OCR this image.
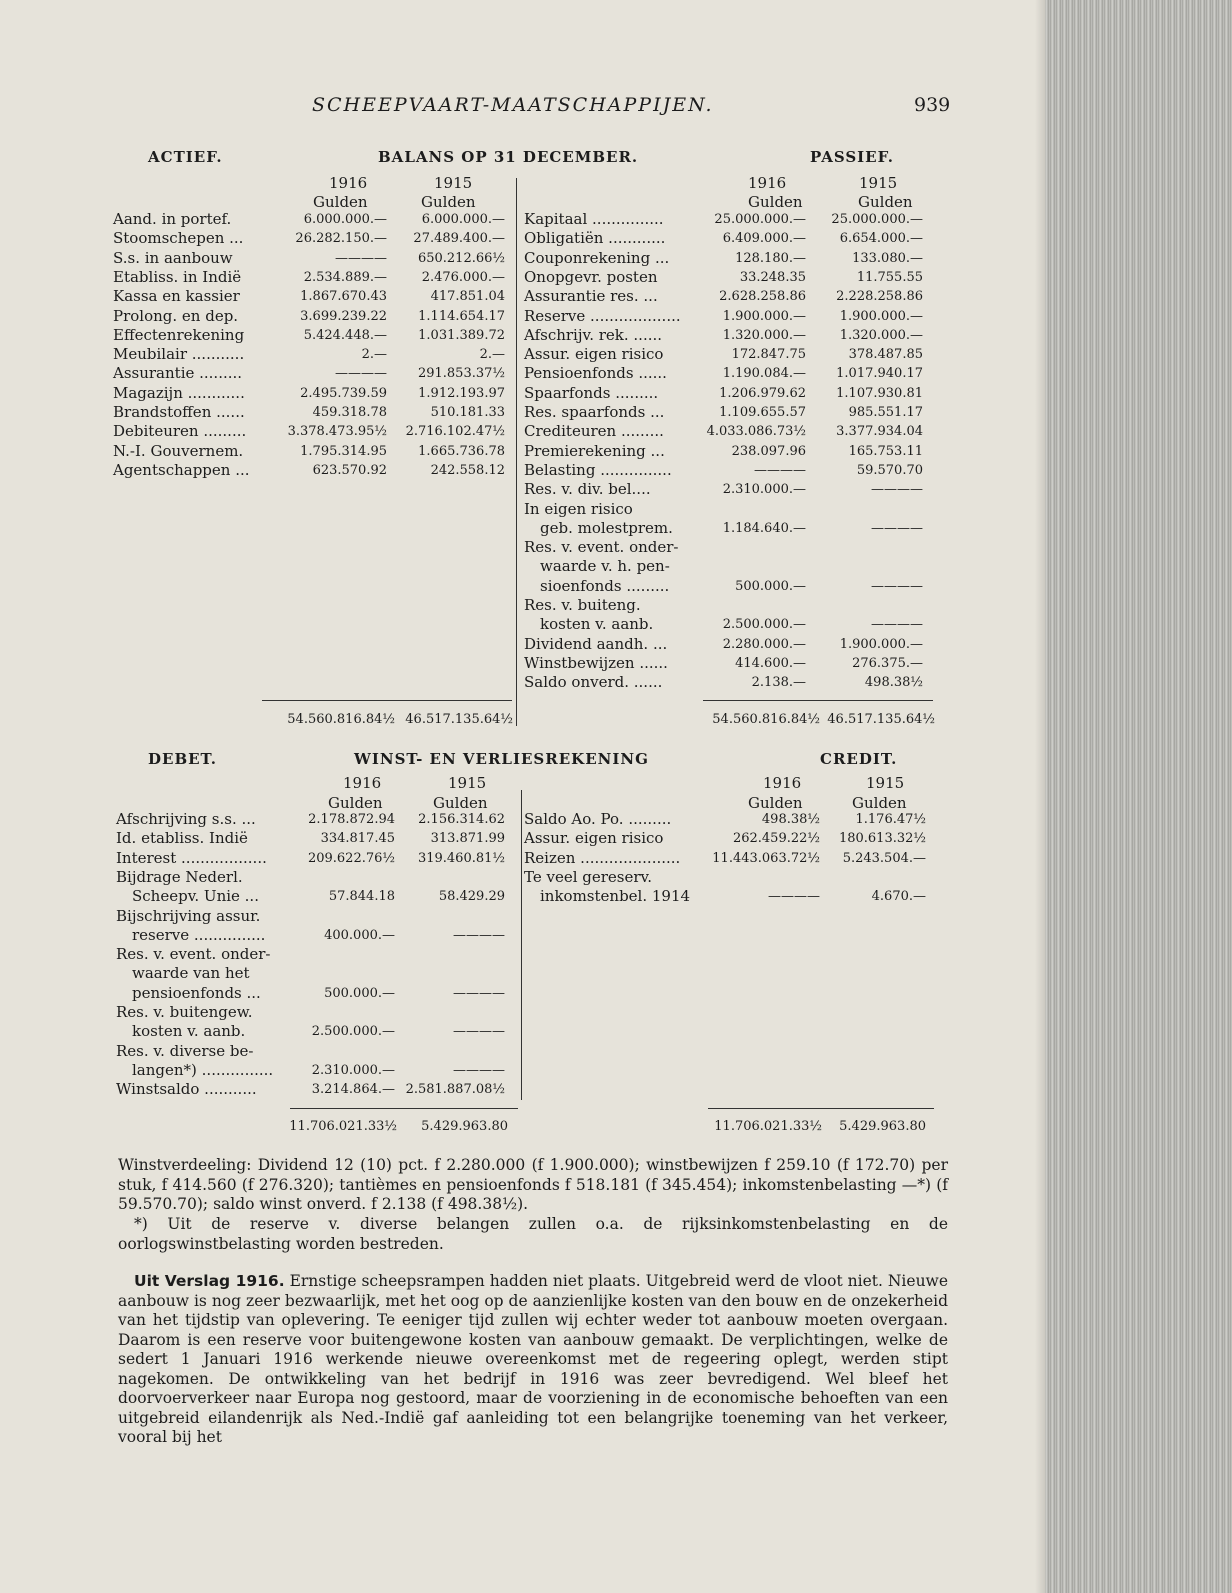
SCHEEPVAART-MAATSCHAPPIJEN.	939
ACTIEF.	BALANS OP 31 DECEMBER.	PASSIEF.
1916	1915	1916	1915
Gulden	Gulden	Gulden	Gulden
Aand. in portef.	6.000.000.—	6.000.000.—
Stoomschepen ...	26.282.150.—	27.489.400.—
S.s. in aanbouw	————	650.212.66½
Etabliss. in Indië	2.534.889.—	2.476.000.—
Kassa en kassier	1.867.670.43	417.851.04
Prolong. en dep.	3.699.239.22	1.114.654.17
Effectenrekening	5.424.448.—	1.031.389.72
Meubilair ...........	2.—	2.—
Assurantie .........	————	291.853.37½
Magazijn ............	2.495.739.59	1.912.193.97
Brandstoffen ......	459.318.78	510.181.33
Debiteuren .........	3.378.473.95½	2.716.102.47½
N.-I. Gouvernem.	1.795.314.95	1.665.736.78
Agentschappen ...	623.570.92	242.558.12
Kapitaal ...............	25.000.000.—	25.000.000.—
Obligatiën ............	6.409.000.—	6.654.000.—
Couponrekening ...	128.180.—	133.080.—
Onopgevr. posten	33.248.35	11.755.55
Assurantie res. ...	2.628.258.86	2.228.258.86
Reserve ...................	1.900.000.—	1.900.000.—
Afschrijv. rek. ......	1.320.000.—	1.320.000.—
Assur. eigen risico	172.847.75	378.487.85
Pensioenfonds ......	1.190.084.—	1.017.940.17
Spaarfonds .........	1.206.979.62	1.107.930.81
Res. spaarfonds ...	1.109.655.57	985.551.17
Crediteuren .........	4.033.086.73½	3.377.934.04
Premierekening ...	238.097.96	165.753.11
Belasting ...............	————	59.570.70
Res. v. div. bel....	2.310.000.—	————
In eigen risico
geb. molestprem.	1.184.640.—	————
Res. v. event. onder-
waarde v. h. pen-
sioenfonds .........	500.000.—	————
Res. v. buiteng.
kosten v. aanb.	2.500.000.—	————
Dividend aandh. ...	2.280.000.—	1.900.000.—
Winstbewijzen ......	414.600.—	276.375.—
Saldo onverd. ......	2.138.—	498.38½
54.560.816.84½ 46.517.135.64½	54.560.816.84½ 46.517.135.64½
DEBET.	WINST- EN VERLIESREKENING	CREDIT.
1916	1915	1916	1915
Gulden	Gulden	Gulden	Gulden
Afschrijving s.s. ...	2.178.872.94	2.156.314.62
Id. etabliss. Indië	334.817.45	313.871.99
Interest ..................	209.622.76½	319.460.81½
Bijdrage Nederl.
Scheepv. Unie ...	57.844.18	58.429.29
Bijschrijving assur.
reserve ...............	400.000.—	————
Res. v. event. onder-
waarde van het
pensioenfonds ...	500.000.—	————
Res. v. buitengew.
kosten v. aanb.	2.500.000.—	————
Res. v. diverse be-
langen*) ...............	2.310.000.—	————
Winstsaldo ...........	3.214.864.— 2.581.887.08½
Saldo Ao. Po. .........	498.38½	1.176.47½
Assur. eigen risico	262.459.22½	180.613.32½
Reizen .....................	11.443.063.72½	5.243.504.—
Te veel gereserv.
inkomstenbel. 1914	————	4.670.—
11.706.021.33½	5.429.963.80	11.706.021.33½	5.429.963.80
Winstverdeeling: Dividend 12 (10) pct. f 2.280.000 (f 1.900.000); winstbewijzen f 259.10 (f 172.70) per stuk, f 414.560 (f 276.320); tantièmes en pensioenfonds f 518.181 (f 345.454); inkomstenbelasting —*) (f 59.570.70); saldo winst onverd. f 2.138 (f 498.38½).
*) Uit de reserve v. diverse belangen zullen o.a. de rijksinkomstenbelasting en de oorlogswinstbelasting worden bestreden.
Uit Verslag 1916. Ernstige scheepsrampen hadden niet plaats. Uitgebreid werd de vloot niet. Nieuwe aanbouw is nog zeer bezwaarlijk, met het oog op de aanzienlijke kosten van den bouw en de onzekerheid van het tijdstip van oplevering. Te eeniger tijd zullen wij echter weder tot aanbouw moeten overgaan. Daarom is een reserve voor buitengewone kosten van aanbouw gemaakt. De verplichtingen, welke de sedert 1 Januari 1916 werkende nieuwe overeenkomst met de regeering oplegt, werden stipt nagekomen. De ontwikkeling van het bedrijf in 1916 was zeer bevredigend. Wel bleef het doorvoerverkeer naar Europa nog gestoord, maar de voorziening in de economische behoeften van een uitgebreid eilandenrijk als Ned.-Indië gaf aanleiding tot een belangrijke toeneming van het verkeer, vooral bij het
